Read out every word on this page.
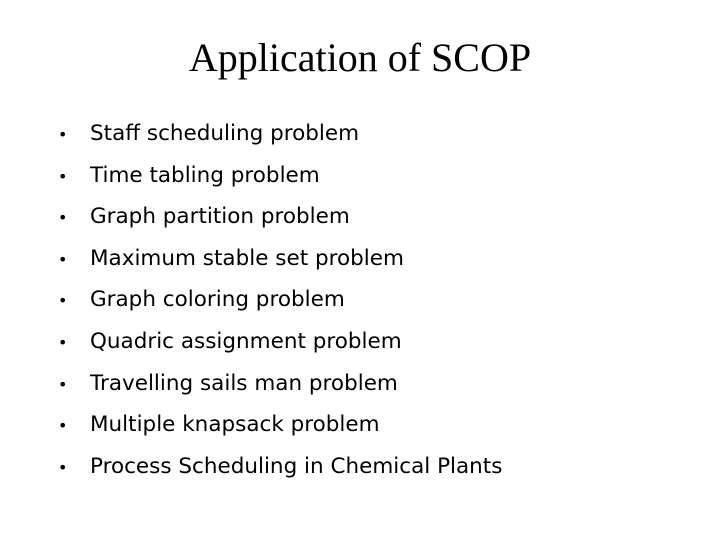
Application of SCOP
•	Staff scheduling problem
•	Time tabling problem
•	Graph partition problem
•	Maximum stable set problem
•	Graph coloring problem
•	Quadric assignment problem
•	Travelling sails man problem
•	Multiple knapsack problem
•	Process Scheduling in Chemical Plants
